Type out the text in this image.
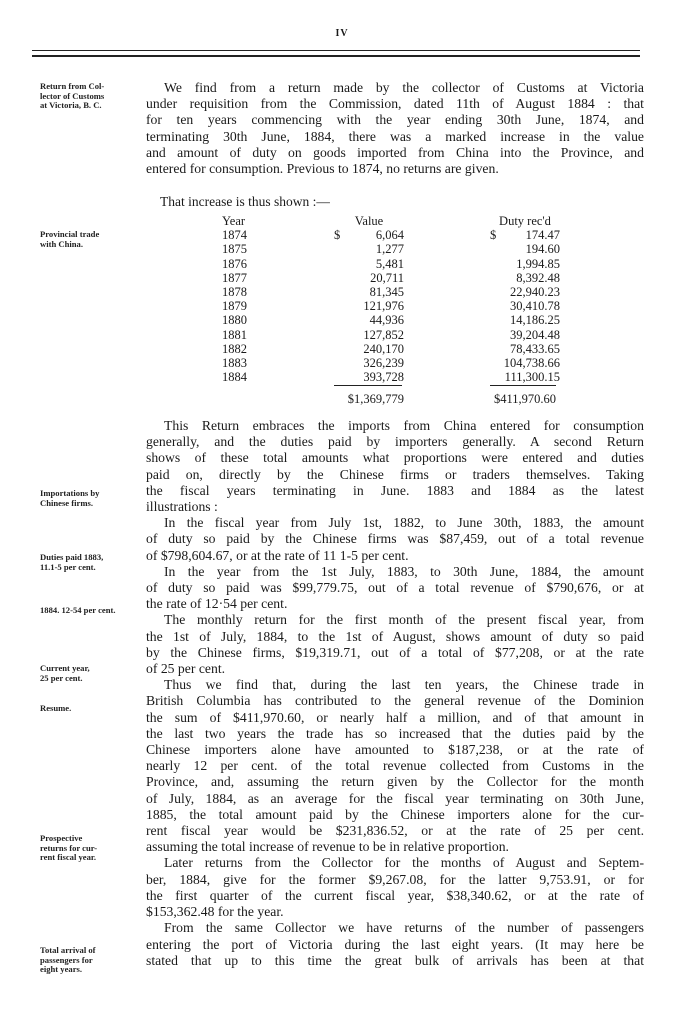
IV
Return from Col-
lector of Customs
at Victoria, B. C.
Provincial trade
with China.
Importations by
Chinese firms.
Duties paid 1883,
11.1-5 per cent.
1884. 12-54 per cent.
Current year,
25 per cent.
Resume.
Prospective
returns for cur-
rent fiscal year.
Total arrival of
passengers for
eight years.
We find from a return made by the collector of Customs at Victoria
under requisition from the Commission, dated 11th of August 1884 : that
for ten years commencing with the year ending 30th June, 1874, and
terminating 30th June, 1884, there was a marked increase in the value
and amount of duty on goods imported from China into the Province, and
entered for consumption. Previous to 1874, no returns are given.
That increase is thus shown :—
Year	Value		Duty rec'd
1874	$ 6,064		$ 174.47
1875	1,277		194.60
1876	5,481		1,994.85
1877	20,711		8,392.48
1878	81,345		22,940.23
1879	121,976		30,410.78
1880	44,936		14,186.25
1881	127,852		39,204.48
1882	240,170		78,433.65
1883	326,239		104,738.66
1884	393,728		111,300.15
$1,369,779	$411,970.60
This Return embraces the imports from China entered for consumption
generally, and the duties paid by importers generally. A second Return
shows of these total amounts what proportions were entered and duties
paid on, directly by the Chinese firms or traders themselves. Taking
the fiscal years terminating in June. 1883 and 1884 as the latest
illustrations :
In the fiscal year from July 1st, 1882, to June 30th, 1883, the amount
of duty so paid by the Chinese firms was $87,459, out of a total revenue
of $798,604.67, or at the rate of 11 1-5 per cent.
In the year from the 1st July, 1883, to 30th June, 1884, the amount
of duty so paid was $99,779.75, out of a total revenue of $790,676, or at
the rate of 12·54 per cent.
The monthly return for the first month of the present fiscal year, from
the 1st of July, 1884, to the 1st of August, shows amount of duty so paid
by the Chinese firms, $19,319.71, out of a total of $77,208, or at the rate
of 25 per cent.
Thus we find that, during the last ten years, the Chinese trade in
British Columbia has contributed to the general revenue of the Dominion
the sum of $411,970.60, or nearly half a million, and of that amount in
the last two years the trade has so increased that the duties paid by the
Chinese importers alone have amounted to $187,238, or at the rate of
nearly 12 per cent. of the total revenue collected from Customs in the
Province, and, assuming the return given by the Collector for the month
of July, 1884, as an average for the fiscal year terminating on 30th June,
1885, the total amount paid by the Chinese importers alone for the cur-
rent fiscal year would be $231,836.52, or at the rate of 25 per cent.
assuming the total increase of revenue to be in relative proportion.
Later returns from the Collector for the months of August and Septem-
ber, 1884, give for the former $9,267.08, for the latter 9,753.91, or for
the first quarter of the current fiscal year, $38,340.62, or at the rate of
$153,362.48 for the year.
From the same Collector we have returns of the number of passengers
entering the port of Victoria during the last eight years. (It may here be
stated that up to this time the great bulk of arrivals has been at that
